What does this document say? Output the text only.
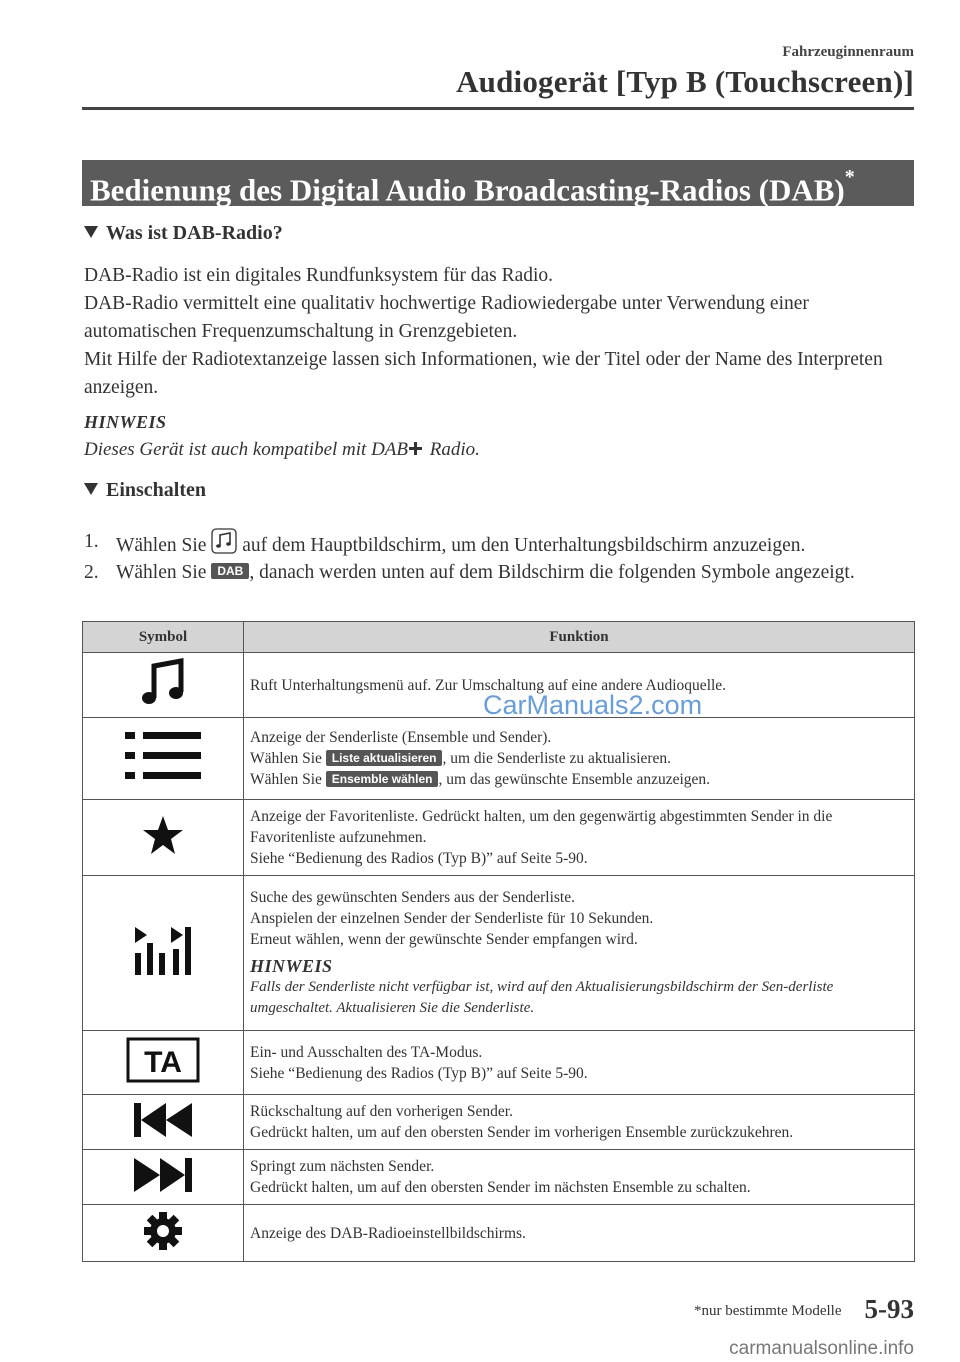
Fahrzeuginnenraum
Audiogerät [Typ B (Touchscreen)]
Bedienung des Digital Audio Broadcasting-Radios (DAB)*
Was ist DAB-Radio?

DAB-Radio ist ein digitales Rundfunksystem für das Radio.

DAB-Radio vermittelt eine qualitativ hochwertige Radiowiedergabe unter Verwendung einer automatischen Frequenzumschaltung in Grenzgebieten.

Mit Hilfe der Radiotextanzeige lassen sich Informationen, wie der Titel oder der Name des Interpreten anzeigen.

HINWEIS
Dieses Gerät ist auch kompatibel mit DAB Radio.
Einschalten
1. Wählen Sie  auf dem Hauptbildschirm, um den Unterhaltungsbildschirm anzuzeigen.
2. Wählen Sie DAB , danach werden unten auf dem Bildschirm die folgenden Symbole angezeigt.
Symbol	Funktion

Ruft Unterhaltungsmenü auf. Zur Umschaltung auf eine andere Audioquelle.

Anzeige der Senderliste (Ensemble und Sender).
Wählen Sie Liste aktualisieren , um die Senderliste zu aktualisieren.
Wählen Sie Ensemble wählen , um das gewünschte Ensemble anzuzeigen.

Anzeige der Favoritenliste. Gedrückt halten, um den gegenwärtig abgestimmten Sender in die Favoritenliste aufzunehmen.
Siehe “Bedienung des Radios (Typ B)” auf Seite 5-90.

Suche des gewünschten Senders aus der Senderliste.
Anspielen der einzelnen Sender der Senderliste für 10 Sekunden.
Erneut wählen, wenn der gewünschte Sender empfangen wird.
HINWEIS
Falls der Senderliste nicht verfügbar ist, wird auf den Aktualisierungsbildschirm der Sen-derliste umgeschaltet. Aktualisieren Sie die Senderliste.

TA	Ein- und Ausschalten des TA-Modus.
Siehe “Bedienung des Radios (Typ B)” auf Seite 5-90.

Rückschaltung auf den vorherigen Sender.
Gedrückt halten, um auf den obersten Sender im vorherigen Ensemble zurückzukehren.

Springt zum nächsten Sender.
Gedrückt halten, um auf den obersten Sender im nächsten Ensemble zu schalten.

Anzeige des DAB-Radioeinstellbildschirms.
CarManuals2.com
*nur bestimmte Modelle 5-93
carmanualsonline.info
